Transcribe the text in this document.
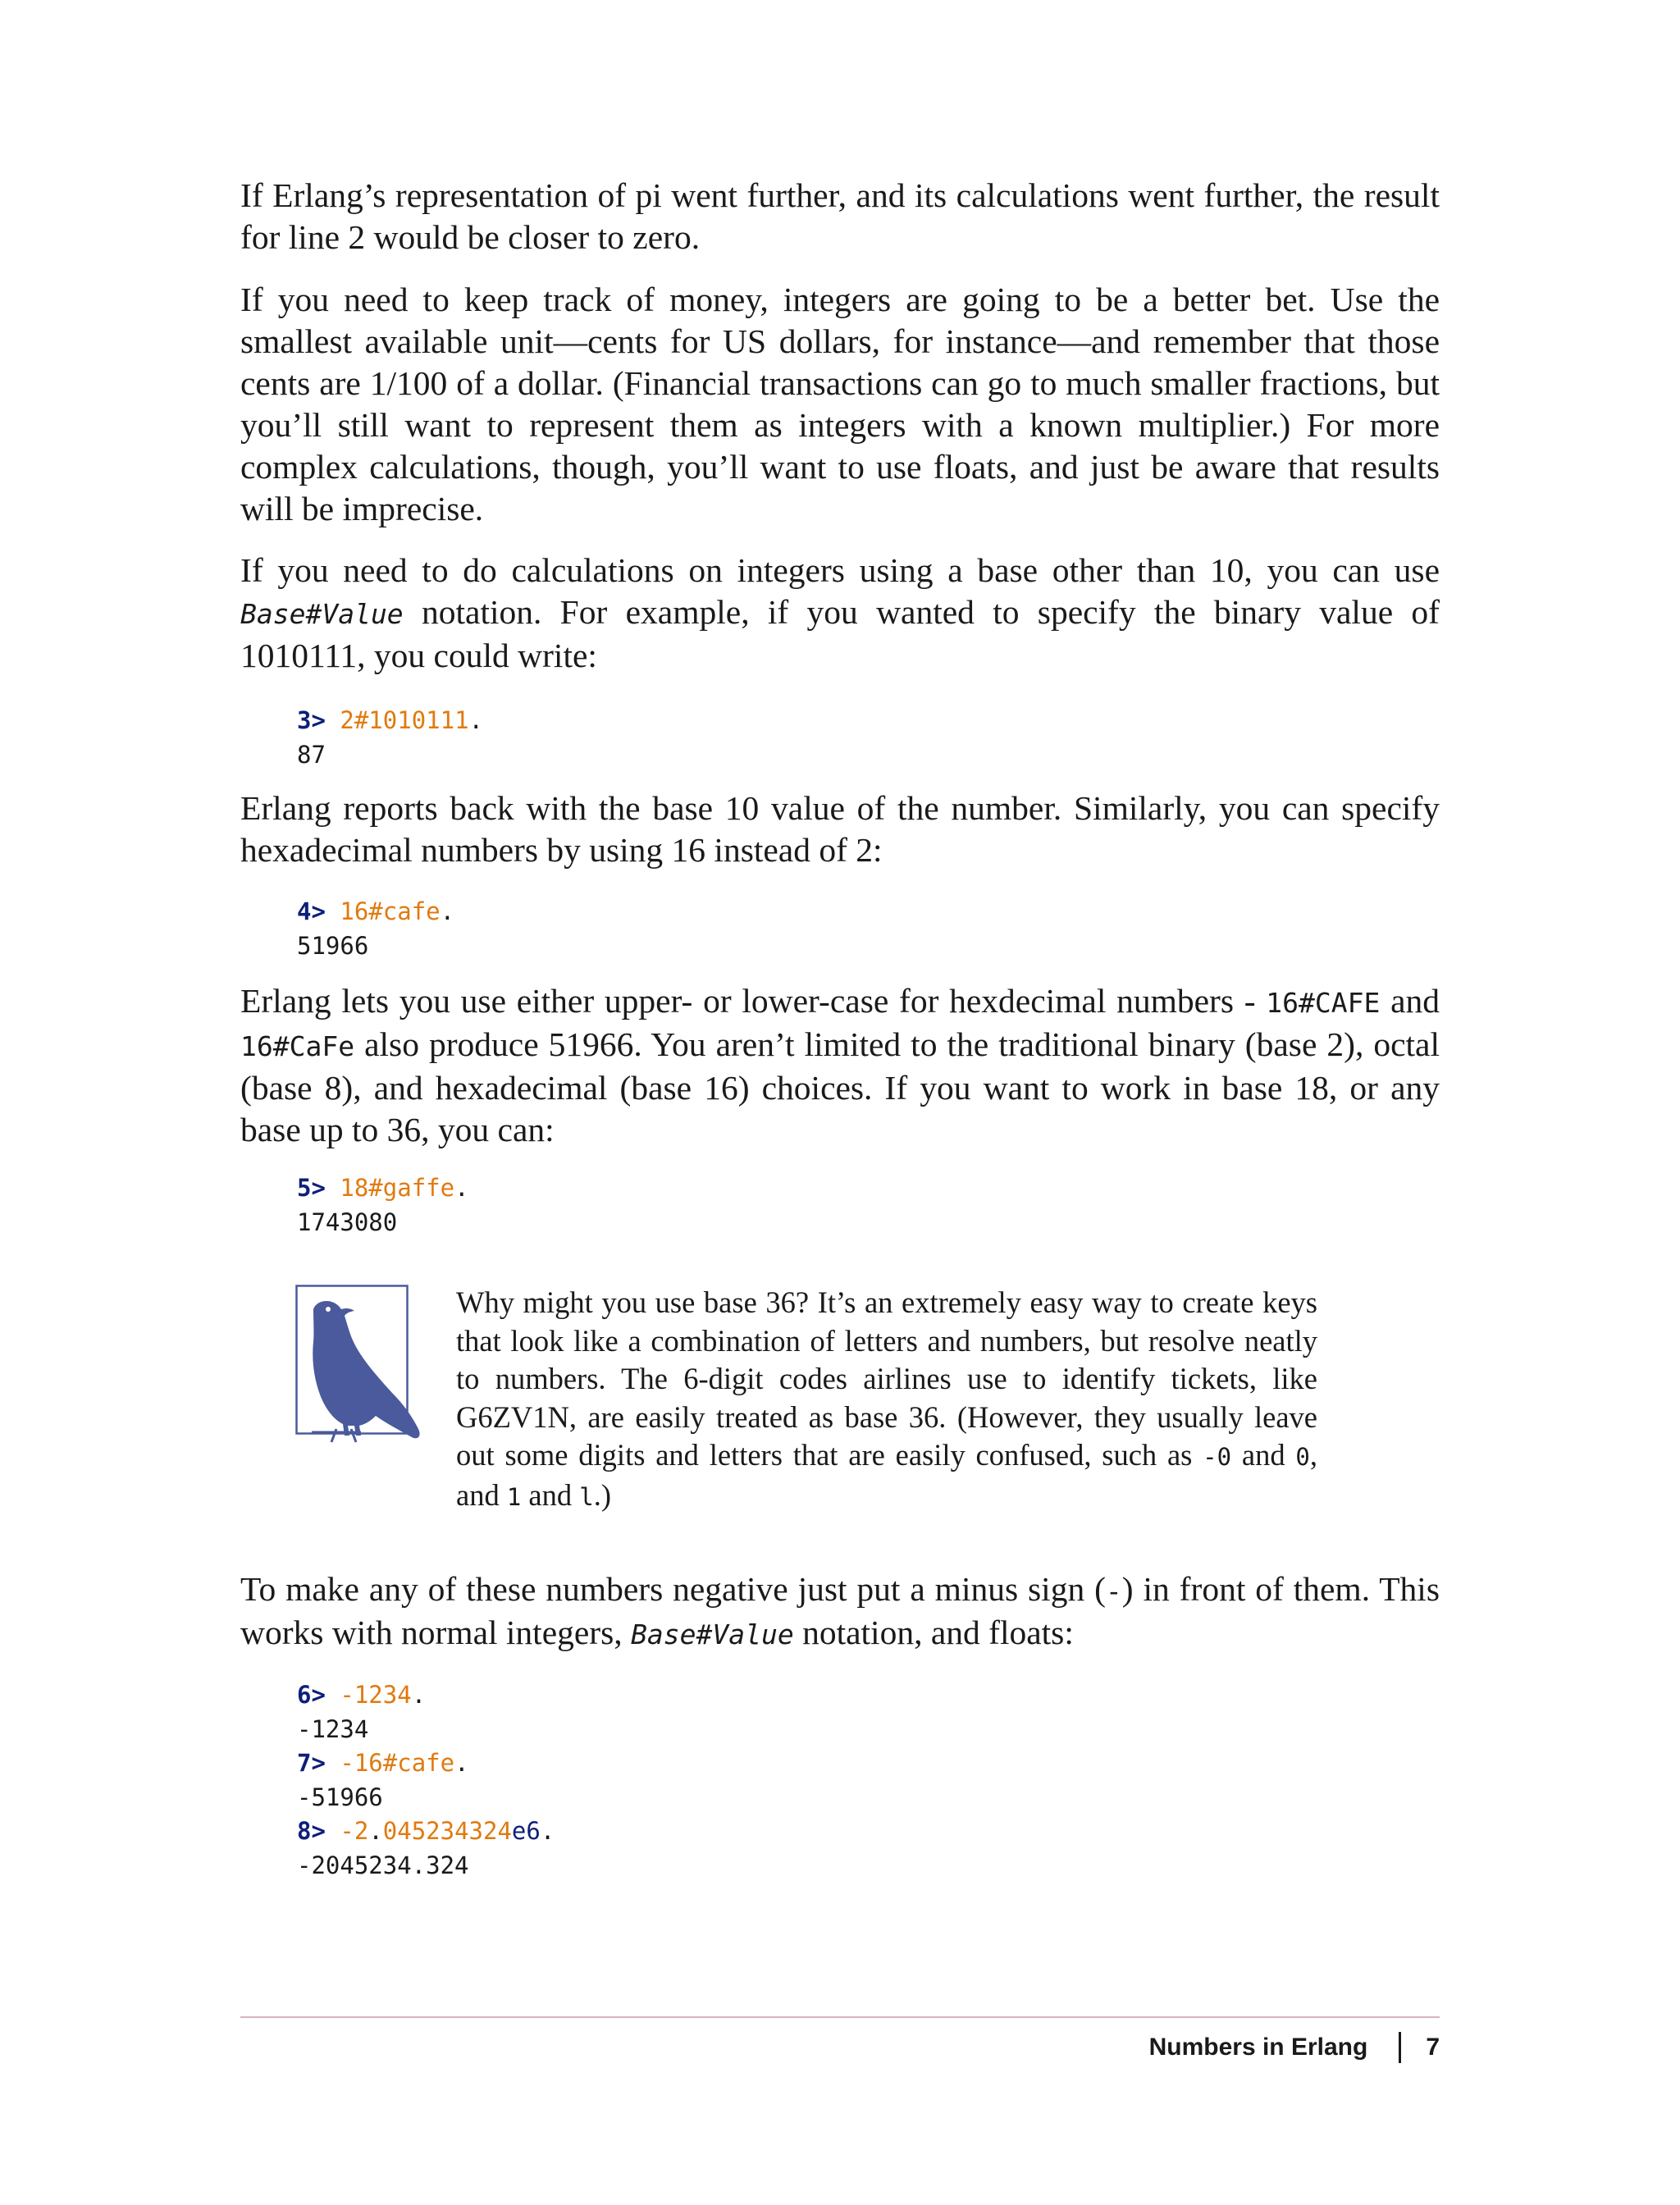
If Erlang’s representation of pi went further, and its calculations went further, the result for line 2 would be closer to zero.

If you need to keep track of money, integers are going to be a better bet. Use the smallest available unit—cents for US dollars, for instance—and remember that those cents are 1/100 of a dollar. (Financial transactions can go to much smaller fractions, but you’ll still want to represent them as integers with a known multiplier.) For more complex calculations, though, you’ll want to use floats, and just be aware that results will be imprecise.

If you need to do calculations on integers using a base other than 10, you can use Base#Value notation. For example, if you wanted to specify the binary value of 1010111, you could write:

3> 2#1010111.
87

Erlang reports back with the base 10 value of the number. Similarly, you can specify hexadecimal numbers by using 16 instead of 2:

4> 16#cafe.
51966

Erlang lets you use either upper- or lower-case for hexdecimal numbers - 16#CAFE and 16#CaFe also produce 51966. You aren’t limited to the traditional binary (base 2), octal (base 8), and hexadecimal (base 16) choices. If you want to work in base 18, or any base up to 36, you can:

5> 18#gaffe.
1743080

Why might you use base 36? It’s an extremely easy way to create keys that look like a combination of letters and numbers, but resolve neatly to numbers. The 6-digit codes airlines use to identify tickets, like G6ZV1N, are easily treated as base 36. (However, they usually leave out some digits and letters that are easily confused, such as -0 and 0, and 1 and l.)

To make any of these numbers negative just put a minus sign (-) in front of them. This works with normal integers, Base#Value notation, and floats:

6> -1234.
-1234
7> -16#cafe.
-51966
8> -2.045234324e6.
-2045234.324
Numbers in Erlang 7
